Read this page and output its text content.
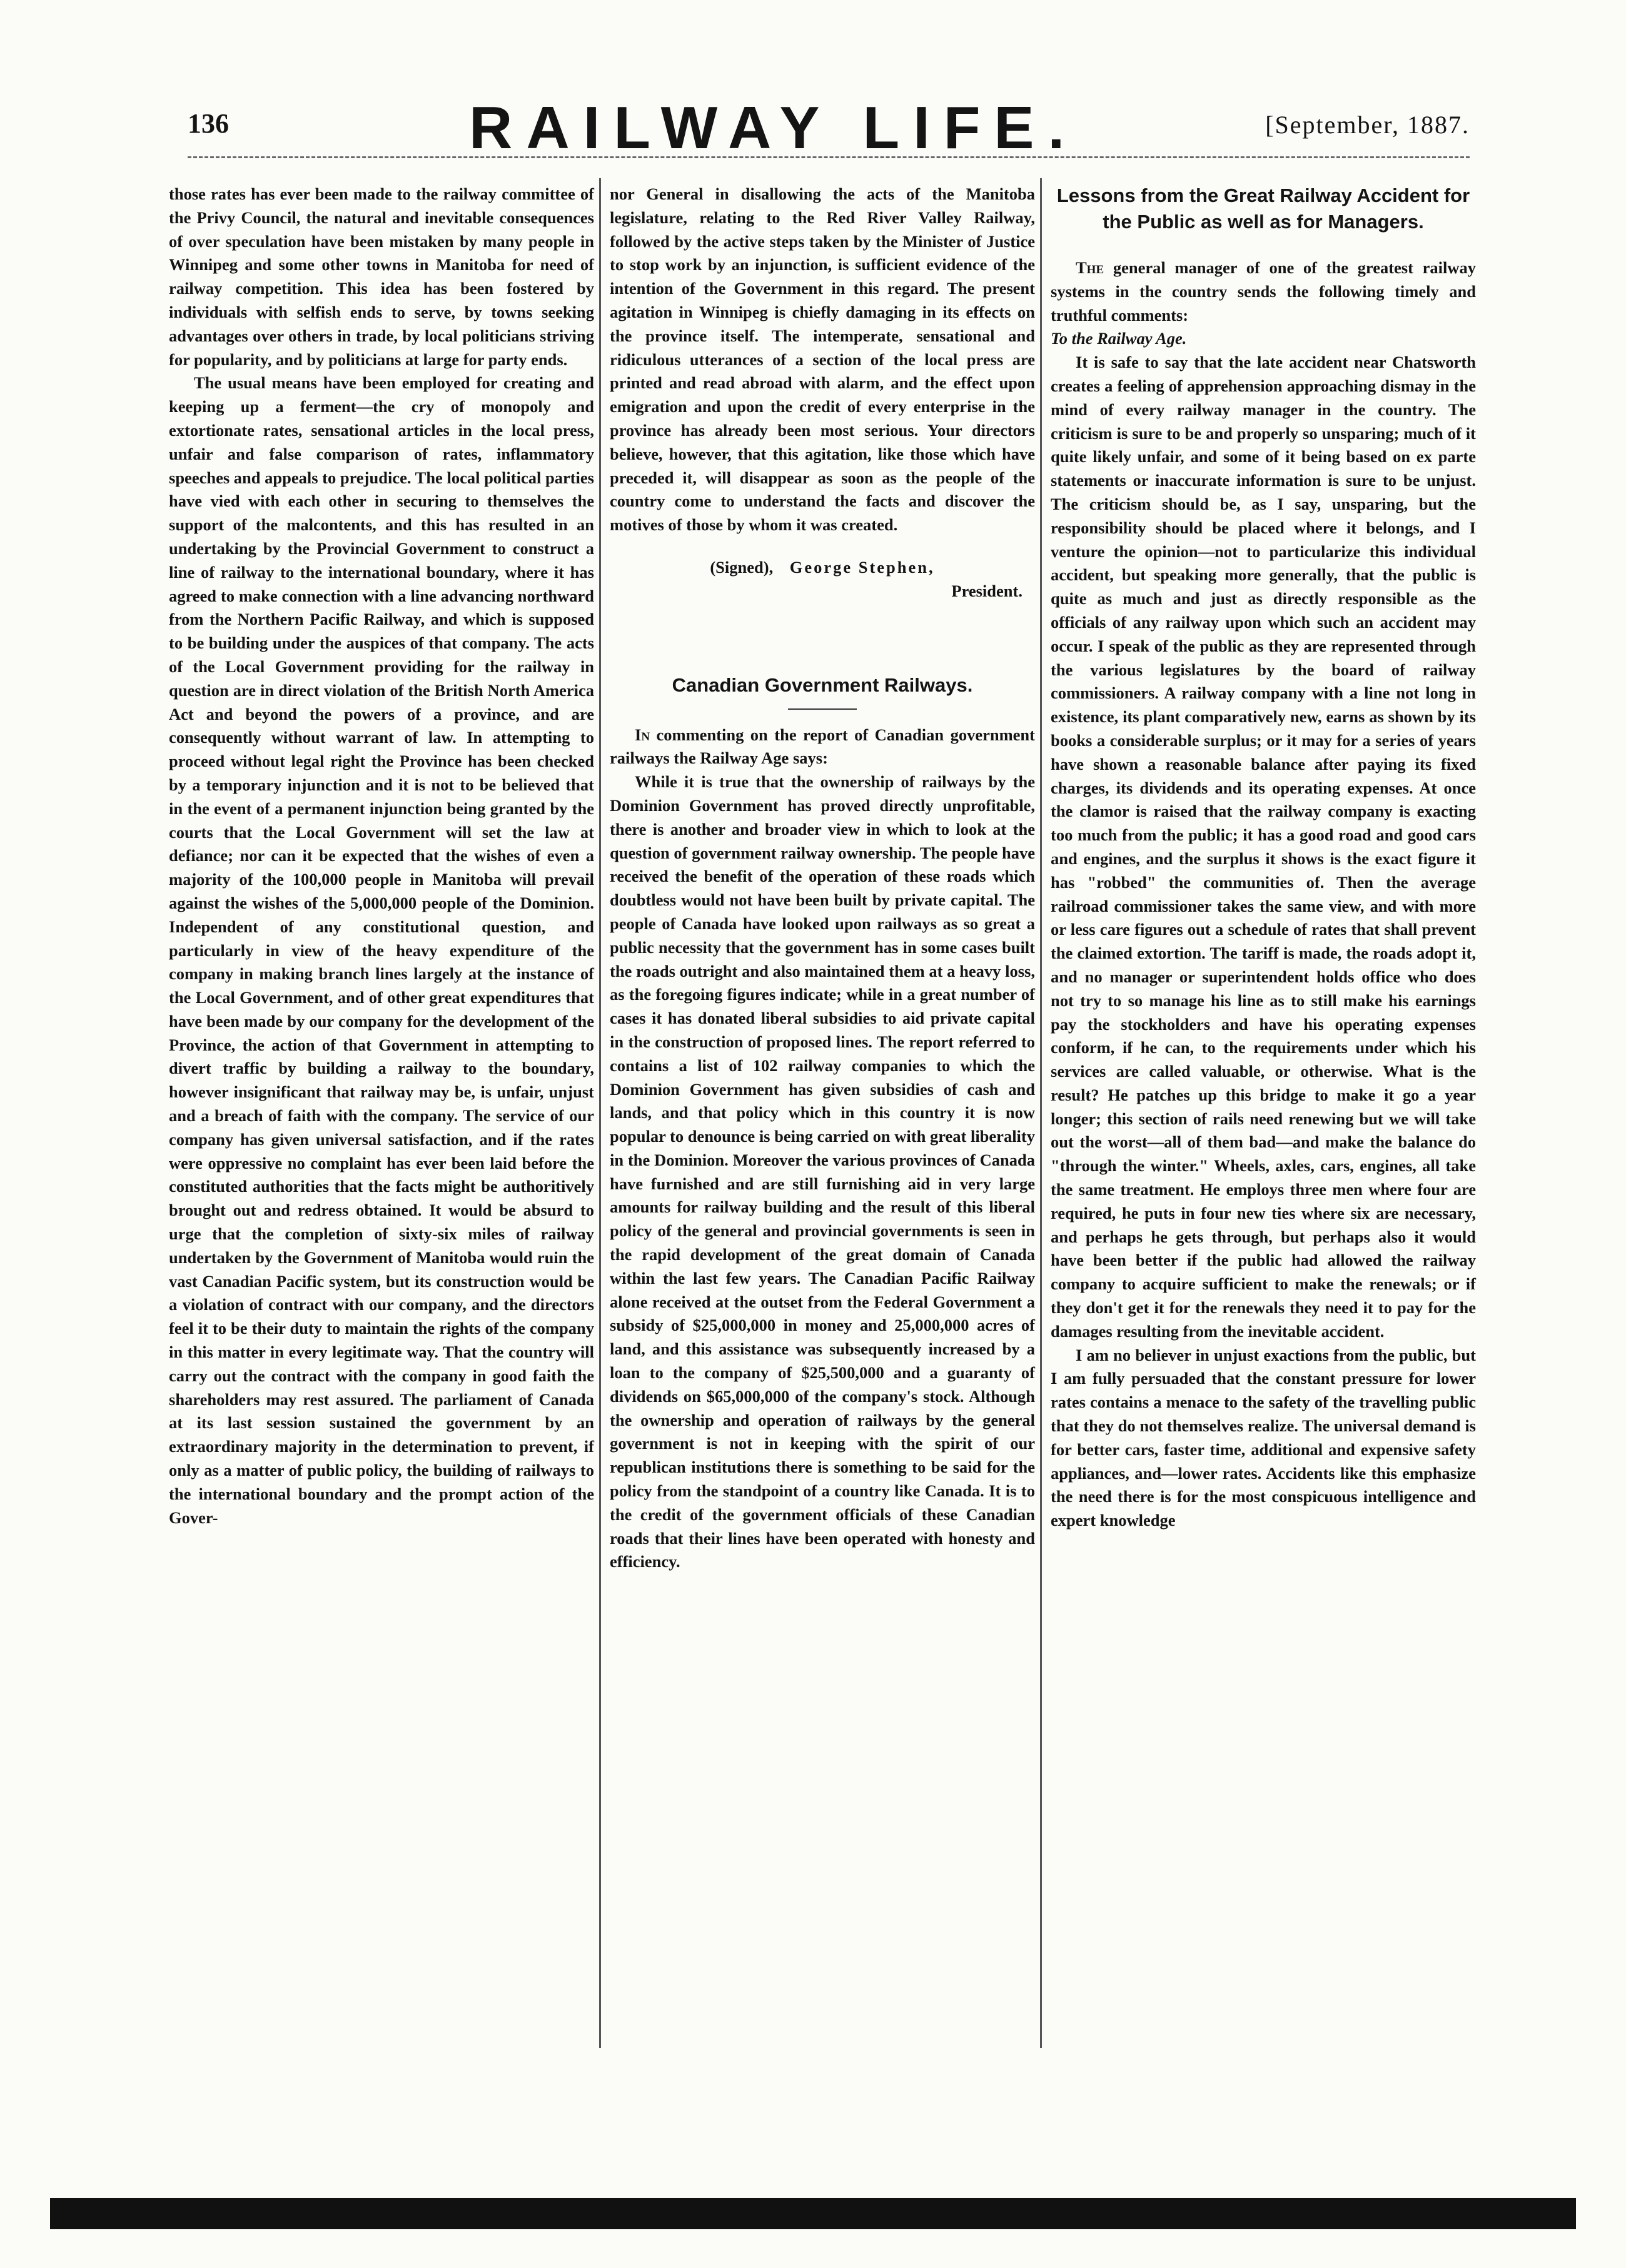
136	RAILWAY LIFE.	[September, 1887.

those rates has ever been made to the railway committee of the Privy Council, the natural and inevitable consequences of over speculation have been mistaken by many people in Winnipeg and some other towns in Manitoba for need of railway competition. This idea has been fostered by individuals with selfish ends to serve, by towns seeking advantages over others in trade, by local politicians striving for popularity, and by politicians at large for party ends.

The usual means have been employed for creating and keeping up a ferment—the cry of monopoly and extortionate rates, sensational articles in the local press, unfair and false comparison of rates, inflammatory speeches and appeals to prejudice. The local political parties have vied with each other in securing to themselves the support of the malcontents, and this has resulted in an undertaking by the Provincial Government to construct a line of railway to the international boundary, where it has agreed to make connection with a line advancing northward from the Northern Pacific Railway, and which is supposed to be building under the auspices of that company. The acts of the Local Government providing for the railway in question are in direct violation of the British North America Act and beyond the powers of a province, and are consequently without warrant of law. In attempting to proceed without legal right the Province has been checked by a temporary injunction and it is not to be believed that in the event of a permanent injunction being granted by the courts that the Local Government will set the law at defiance; nor can it be expected that the wishes of even a majority of the 100,000 people in Manitoba will prevail against the wishes of the 5,000,000 people of the Dominion. Independent of any constitutional question, and particularly in view of the heavy expenditure of the company in making branch lines largely at the instance of the Local Government, and of other great expenditures that have been made by our company for the development of the Province, the action of that Government in attempting to divert traffic by building a railway to the boundary, however insignificant that railway may be, is unfair, unjust and a breach of faith with the company. The service of our company has given universal satisfaction, and if the rates were oppressive no complaint has ever been laid before the constituted authorities that the facts might be authoritively brought out and redress obtained. It would be absurd to urge that the completion of sixty-six miles of railway undertaken by the Government of Manitoba would ruin the vast Canadian Pacific system, but its construction would be a violation of contract with our company, and the directors feel it to be their duty to maintain the rights of the company in this matter in every legitimate way. That the country will carry out the contract with the company in good faith the shareholders may rest assured. The parliament of Canada at its last session sustained the government by an extraordinary majority in the determination to prevent, if only as a matter of public policy, the building of railways to the international boundary and the prompt action of the Gover-

nor General in disallowing the acts of the Manitoba legislature, relating to the Red River Valley Railway, followed by the active steps taken by the Minister of Justice to stop work by an injunction, is sufficient evidence of the intention of the Government in this regard. The present agitation in Winnipeg is chiefly damaging in its effects on the province itself. The intemperate, sensational and ridiculous utterances of a section of the local press are printed and read abroad with alarm, and the effect upon emigration and upon the credit of every enterprise in the province has already been most serious. Your directors believe, however, that this agitation, like those which have preceded it, will disappear as soon as the people of the country come to understand the facts and discover the motives of those by whom it was created.

(Signed), George Stephen,
President.
Canadian Government Railways.

In commenting on the report of Canadian government railways the Railway Age says:

While it is true that the ownership of railways by the Dominion Government has proved directly unprofitable, there is another and broader view in which to look at the question of government railway ownership. The people have received the benefit of the operation of these roads which doubtless would not have been built by private capital. The people of Canada have looked upon railways as so great a public necessity that the government has in some cases built the roads outright and also maintained them at a heavy loss, as the foregoing figures indicate; while in a great number of cases it has donated liberal subsidies to aid private capital in the construction of proposed lines. The report referred to contains a list of 102 railway companies to which the Dominion Government has given subsidies of cash and lands, and that policy which in this country it is now popular to denounce is being carried on with great liberality in the Dominion. Moreover the various provinces of Canada have furnished and are still furnishing aid in very large amounts for railway building and the result of this liberal policy of the general and provincial governments is seen in the rapid development of the great domain of Canada within the last few years. The Canadian Pacific Railway alone received at the outset from the Federal Government a subsidy of $25,000,000 in money and 25,000,000 acres of land, and this assistance was subsequently increased by a loan to the company of $25,500,000 and a guaranty of dividends on $65,000,000 of the company's stock. Although the ownership and operation of railways by the general government is not in keeping with the spirit of our republican institutions there is something to be said for the policy from the standpoint of a country like Canada. It is to the credit of the government officials of these Canadian roads that their lines have been operated with honesty and efficiency.

Lessons from the Great Railway Accident for the Public as well as for Managers.

The general manager of one of the greatest railway systems in the country sends the following timely and truthful comments:

To the Railway Age.

It is safe to say that the late accident near Chatsworth creates a feeling of apprehension approaching dismay in the mind of every railway manager in the country. The criticism is sure to be and properly so unsparing; much of it quite likely unfair, and some of it being based on ex parte statements or inaccurate information is sure to be unjust. The criticism should be, as I say, unsparing, but the responsibility should be placed where it belongs, and I venture the opinion—not to particularize this individual accident, but speaking more generally, that the public is quite as much and just as directly responsible as the officials of any railway upon which such an accident may occur. I speak of the public as they are represented through the various legislatures by the board of railway commissioners. A railway company with a line not long in existence, its plant comparatively new, earns as shown by its books a considerable surplus; or it may for a series of years have shown a reasonable balance after paying its fixed charges, its dividends and its operating expenses. At once the clamor is raised that the railway company is exacting too much from the public; it has a good road and good cars and engines, and the surplus it shows is the exact figure it has "robbed" the communities of. Then the average railroad commissioner takes the same view, and with more or less care figures out a schedule of rates that shall prevent the claimed extortion. The tariff is made, the roads adopt it, and no manager or superintendent holds office who does not try to so manage his line as to still make his earnings pay the stockholders and have his operating expenses conform, if he can, to the requirements under which his services are called valuable, or otherwise. What is the result? He patches up this bridge to make it go a year longer; this section of rails need renewing but we will take out the worst—all of them bad—and make the balance do "through the winter." Wheels, axles, cars, engines, all take the same treatment. He employs three men where four are required, he puts in four new ties where six are necessary, and perhaps he gets through, but perhaps also it would have been better if the public had allowed the railway company to acquire sufficient to make the renewals; or if they don't get it for the renewals they need it to pay for the damages resulting from the inevitable accident.

I am no believer in unjust exactions from the public, but I am fully persuaded that the constant pressure for lower rates contains a menace to the safety of the travelling public that they do not themselves realize. The universal demand is for better cars, faster time, additional and expensive safety appliances, and—lower rates. Accidents like this emphasize the need there is for the most conspicuous intelligence and expert knowledge
